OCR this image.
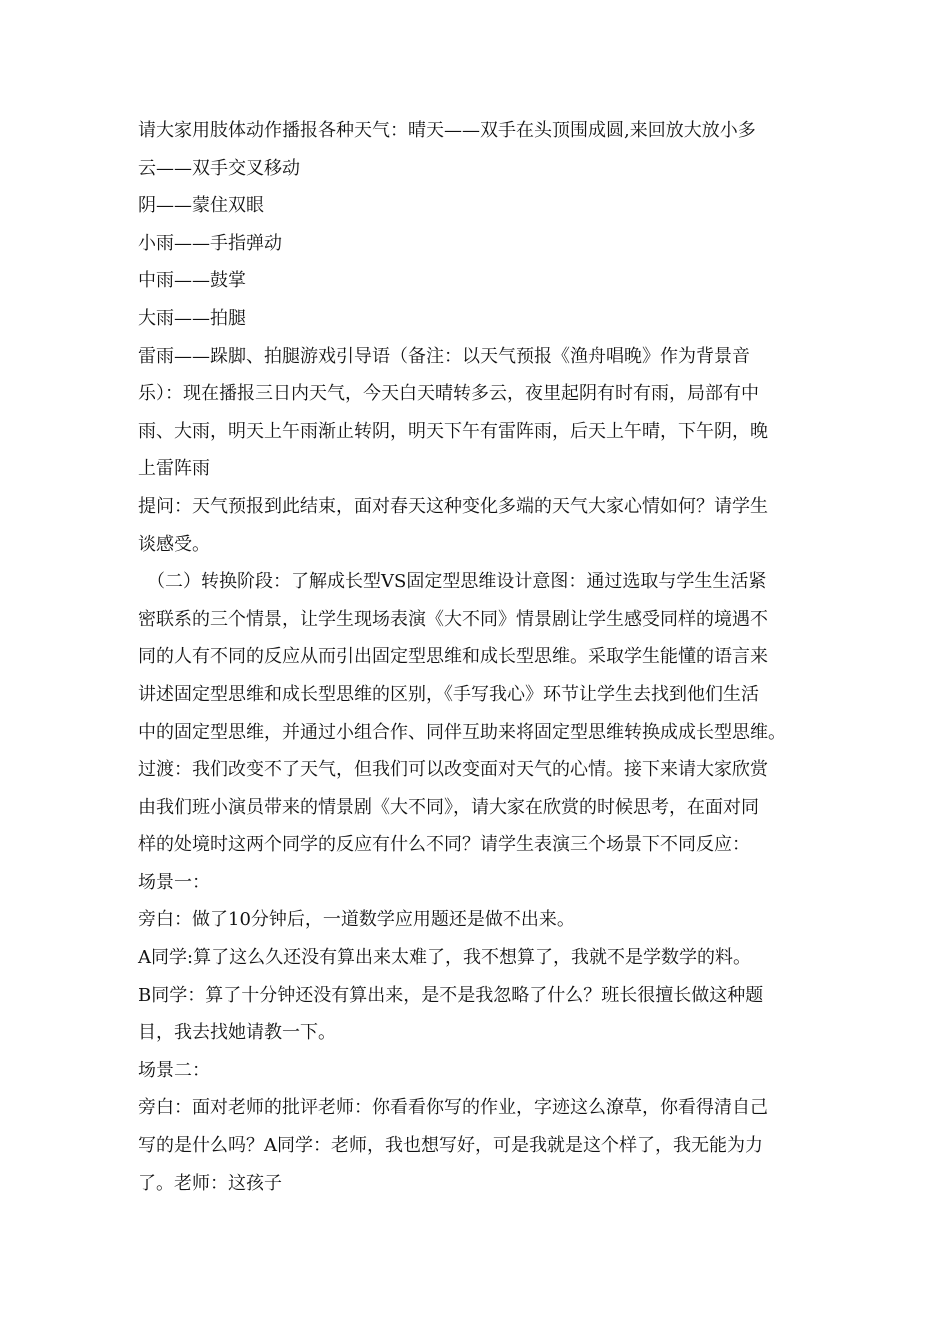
请大家用肢体动作播报各种天气：晴天——双手在头顶围成圆,来回放大放小多
云——双手交叉移动
阴——蒙住双眼
小雨——手指弹动
中雨——鼓掌
大雨——拍腿
雷雨——跺脚、拍腿游戏引导语（备注：以天气预报《渔舟唱晚》作为背景音
乐）：现在播报三日内天气，今天白天晴转多云，夜里起阴有时有雨，局部有中
雨、大雨，明天上午雨渐止转阴，明天下午有雷阵雨，后天上午晴，下午阴，晚
上雷阵雨
提问：天气预报到此结束，面对春天这种变化多端的天气大家心情如何？请学生
谈感受。
（二）转换阶段：了解成长型VS固定型思维设计意图：通过选取与学生生活紧
密联系的三个情景，让学生现场表演《大不同》情景剧让学生感受同样的境遇不
同的人有不同的反应从而引出固定型思维和成长型思维。采取学生能懂的语言来
讲述固定型思维和成长型思维的区别，《手写我心》环节让学生去找到他们生活
中的固定型思维，并通过小组合作、同伴互助来将固定型思维转换成成长型思维。
过渡：我们改变不了天气，但我们可以改变面对天气的心情。接下来请大家欣赏
由我们班小演员带来的情景剧《大不同》，请大家在欣赏的时候思考，在面对同
样的处境时这两个同学的反应有什么不同？请学生表演三个场景下不同反应：
场景一：
旁白：做了10分钟后，一道数学应用题还是做不出来。
A同学:算了这么久还没有算出来太难了，我不想算了，我就不是学数学的料。
B同学：算了十分钟还没有算出来，是不是我忽略了什么？班长很擅长做这种题
目，我去找她请教一下。
场景二：
旁白：面对老师的批评老师：你看看你写的作业，字迹这么潦草，你看得清自己
写的是什么吗？A同学：老师，我也想写好，可是我就是这个样了，我无能为力
了。老师：这孩子
